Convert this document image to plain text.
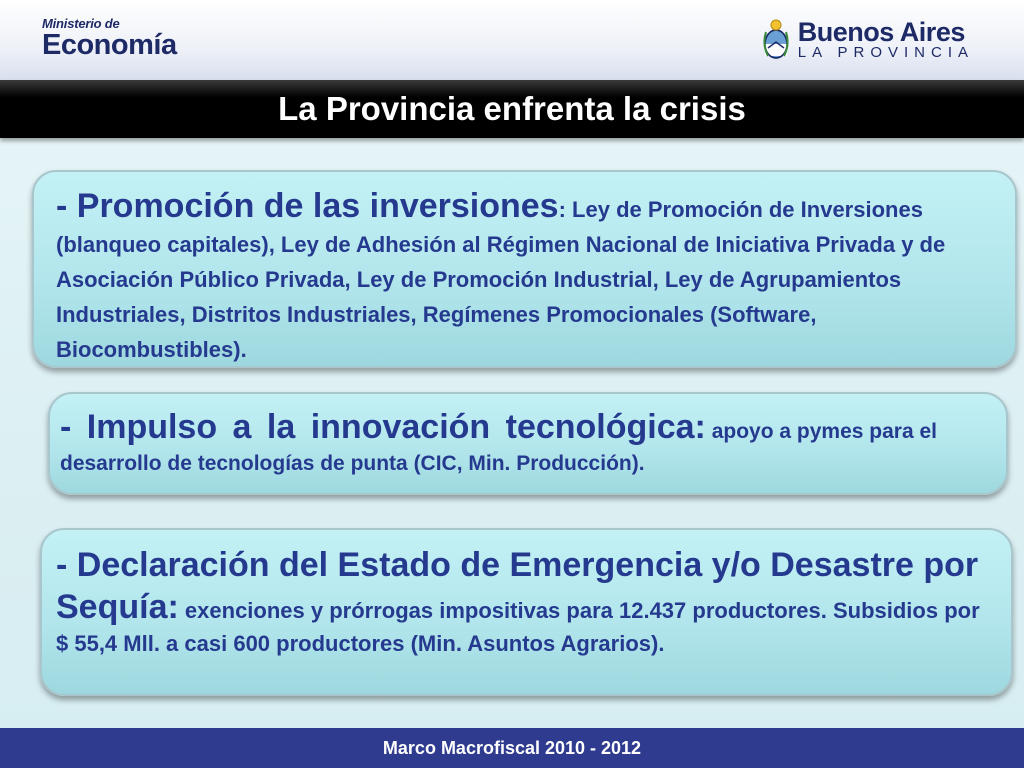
Ministerio de
Economía	Buenos Aires
LA PROVINCIA
La Provincia enfrenta la crisis

- Promoción de las inversiones: Ley de Promoción de Inversiones (blanqueo capitales), Ley de Adhesión al Régimen Nacional de Iniciativa Privada y de Asociación Público Privada, Ley de Promoción Industrial, Ley de Agrupamientos Industriales, Distritos Industriales, Regímenes Promocionales (Software, Biocombustibles).

- Impulso a la innovación tecnológica: apoyo a pymes para el desarrollo de tecnologías de punta (CIC, Min. Producción).

- Declaración del Estado de Emergencia y/o Desastre por Sequía: exenciones y prórrogas impositivas para 12.437 productores. Subsidios por $ 55,4 Mll. a casi 600 productores (Min. Asuntos Agrarios).

Marco Macrofiscal 2010 - 2012
